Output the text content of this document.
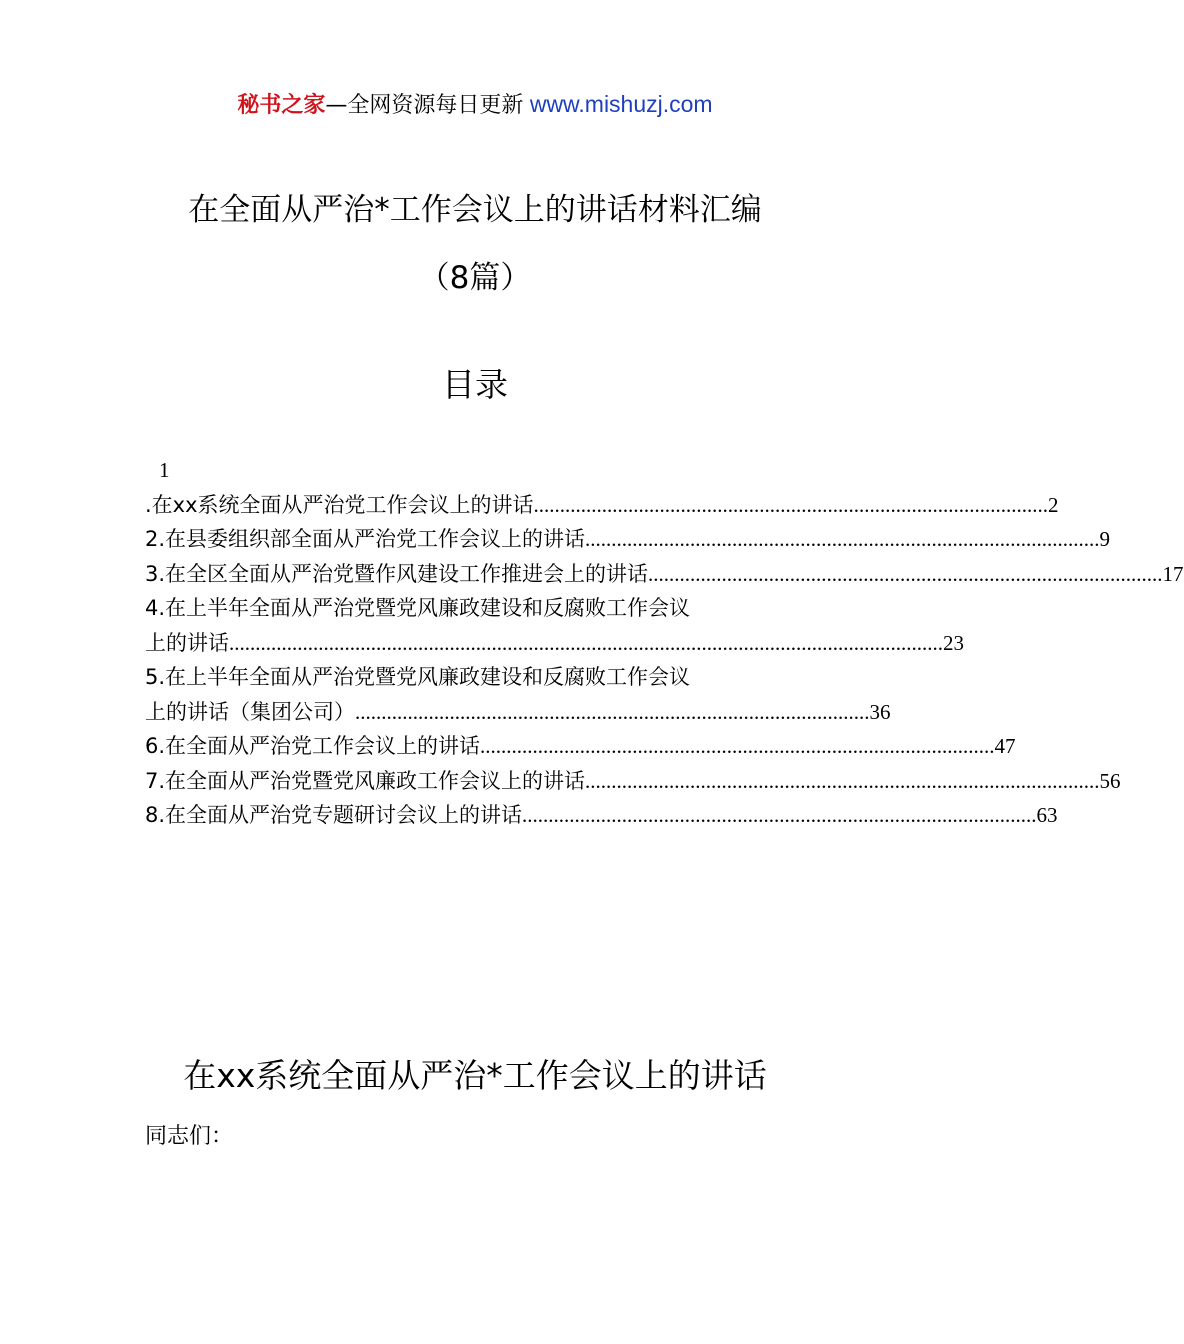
秘书之家—全网资源每日更新 www.mishuzj.com
在全面从严治*工作会议上的讲话材料汇编
（8篇）
目录
1
.在xx系统全面从严治党工作会议上的讲话 .................................................................................................. 2
2.在县委组织部全面从严治党工作会议上的讲话 .................................................................................................. 9
3.在全区全面从严治党暨作风建设工作推进会上的讲话 .................................................................................................. 17
4.在上半年全面从严治党暨党风廉政建设和反腐败工作会议
上的讲话 ........................................................................................................................................ 23
5.在上半年全面从严治党暨党风廉政建设和反腐败工作会议
上的讲话（集团公司） .................................................................................................. 36
6.在全面从严治党工作会议上的讲话 .................................................................................................. 47
7.在全面从严治党暨党风廉政工作会议上的讲话 .................................................................................................. 56
8.在全面从严治党专题研讨会议上的讲话 .................................................................................................. 63
在xx系统全面从严治*工作会议上的讲话
同志们：
